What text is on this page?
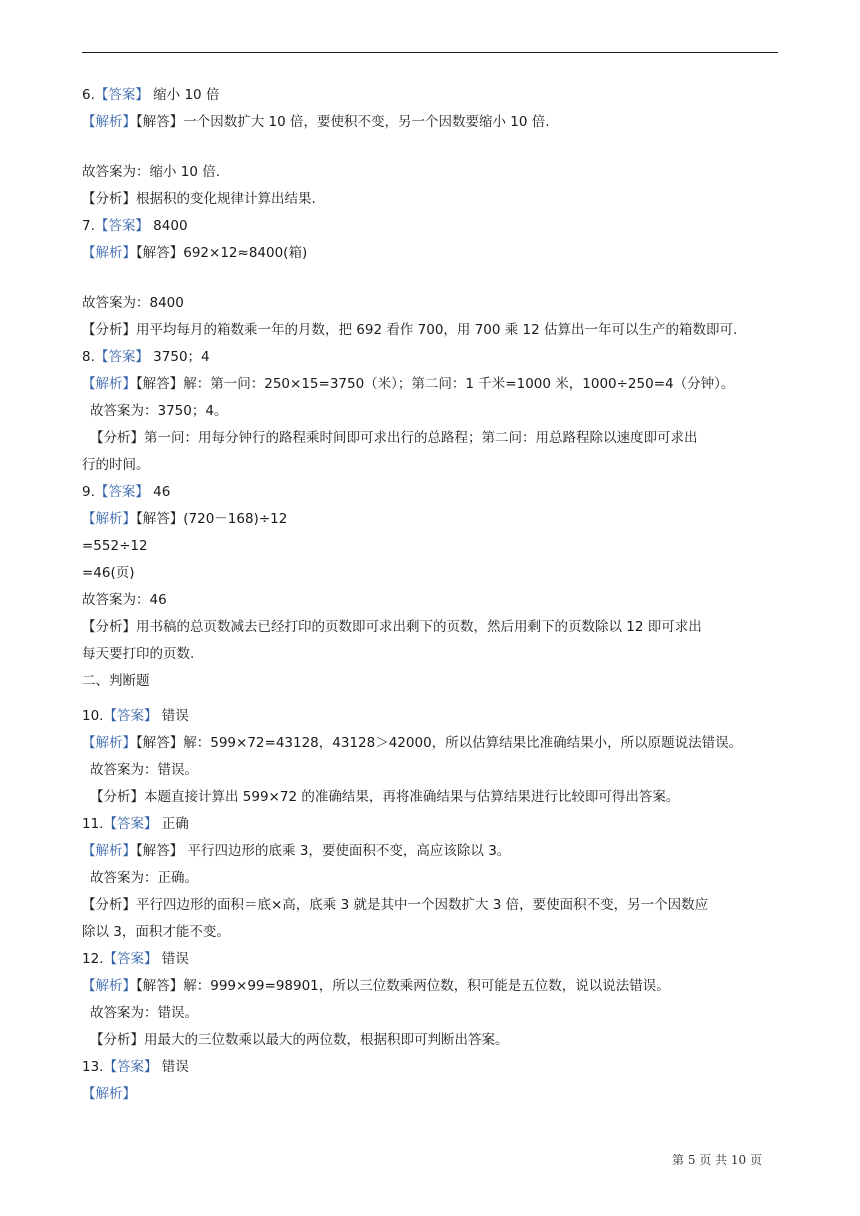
6.【答案】 缩小 10 倍
【解析】【解答】一个因数扩大 10 倍，要使积不变，另一个因数要缩小 10 倍.
故答案为：缩小 10 倍.
【分析】根据积的变化规律计算出结果.
7.【答案】 8400
【解析】【解答】692×12≈8400(箱)
故答案为：8400
【分析】用平均每月的箱数乘一年的月数，把 692 看作 700，用 700 乘 12 估算出一年可以生产的箱数即可.
8.【答案】 3750；4
【解析】【解答】解：第一问：250×15=3750（米）；第二问：1 千米=1000 米，1000÷250=4（分钟）。
故答案为：3750；4。
【分析】第一问：用每分钟行的路程乘时间即可求出行的总路程；第二问：用总路程除以速度即可求出
行的时间。
9.【答案】 46
【解析】【解答】(720－168)÷12
=552÷12
=46(页)
故答案为：46
【分析】用书稿的总页数减去已经打印的页数即可求出剩下的页数，然后用剩下的页数除以 12 即可求出
每天要打印的页数.
二、判断题
10.【答案】 错误
【解析】【解答】解：599×72=43128，43128＞42000，所以估算结果比准确结果小，所以原题说法错误。
故答案为：错误。
【分析】本题直接计算出 599×72 的准确结果，再将准确结果与估算结果进行比较即可得出答案。
11.【答案】 正确
【解析】【解答】 平行四边形的底乘 3，要使面积不变，高应该除以 3。
故答案为：正确。
【分析】平行四边形的面积＝底×高，底乘 3 就是其中一个因数扩大 3 倍，要使面积不变，另一个因数应
除以 3，面积才能不变。
12.【答案】 错误
【解析】【解答】解：999×99=98901，所以三位数乘两位数，积可能是五位数，说以说法错误。
故答案为：错误。
【分析】用最大的三位数乘以最大的两位数，根据积即可判断出答案。
13.【答案】 错误
【解析】
第 5 页 共 10 页
